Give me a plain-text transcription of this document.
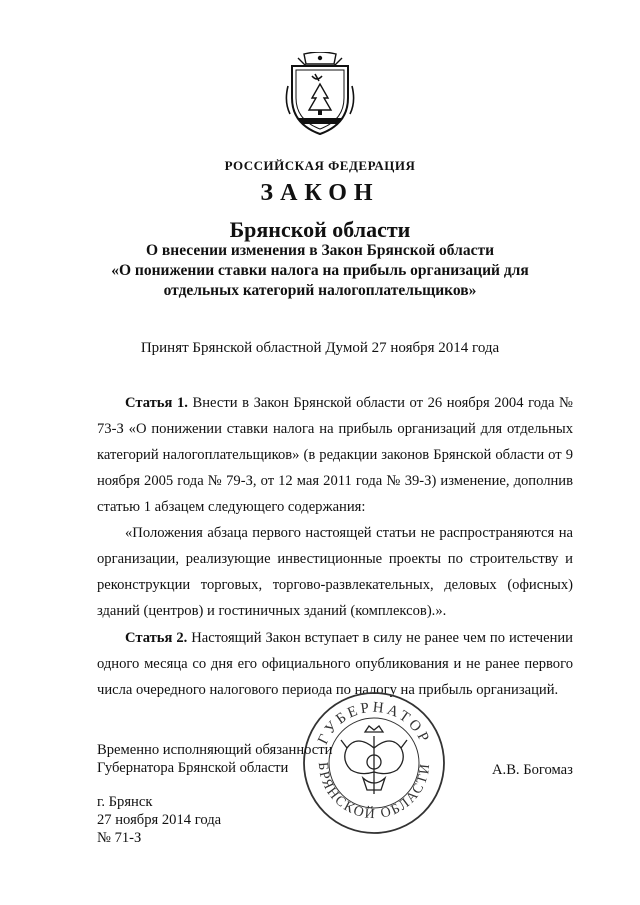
РОССИЙСКАЯ ФЕДЕРАЦИЯ
ЗАКОН
Брянской области
О внесении изменения в Закон Брянской области
«О понижении ставки налога на прибыль организаций для
отдельных категорий налогоплательщиков»
Принят Брянской областной Думой 27 ноября 2014 года

Статья 1. Внести в Закон Брянской области от 26 ноября 2004 года № 73-З «О понижении ставки налога на прибыль организаций для отдельных категорий налогоплательщиков» (в редакции законов Брянской области от 9 ноября 2005 года № 79-З, от 12 мая 2011 года № 39-З) изменение, дополнив статью 1 абзацем следующего содержания:

«Положения абзаца первого настоящей статьи не распространяются на организации, реализующие инвестиционные проекты по строительству и реконструкции торговых, торгово-развлекательных, деловых (офисных) зданий (центров) и гостиничных зданий (комплексов).».

Статья 2. Настоящий Закон вступает в силу не ранее чем по истечении одного месяца со дня его официального опубликования и не ранее первого числа очередного налогового периода по налогу на прибыль организаций.

ГУБЕРНАТОР
БРЯНСКОЙ ОБЛАСТИ
Временно исполняющий обязанности
Губернатора Брянской области	А.В. Богомаз
г. Брянск
27 ноября 2014 года
№ 71-З
